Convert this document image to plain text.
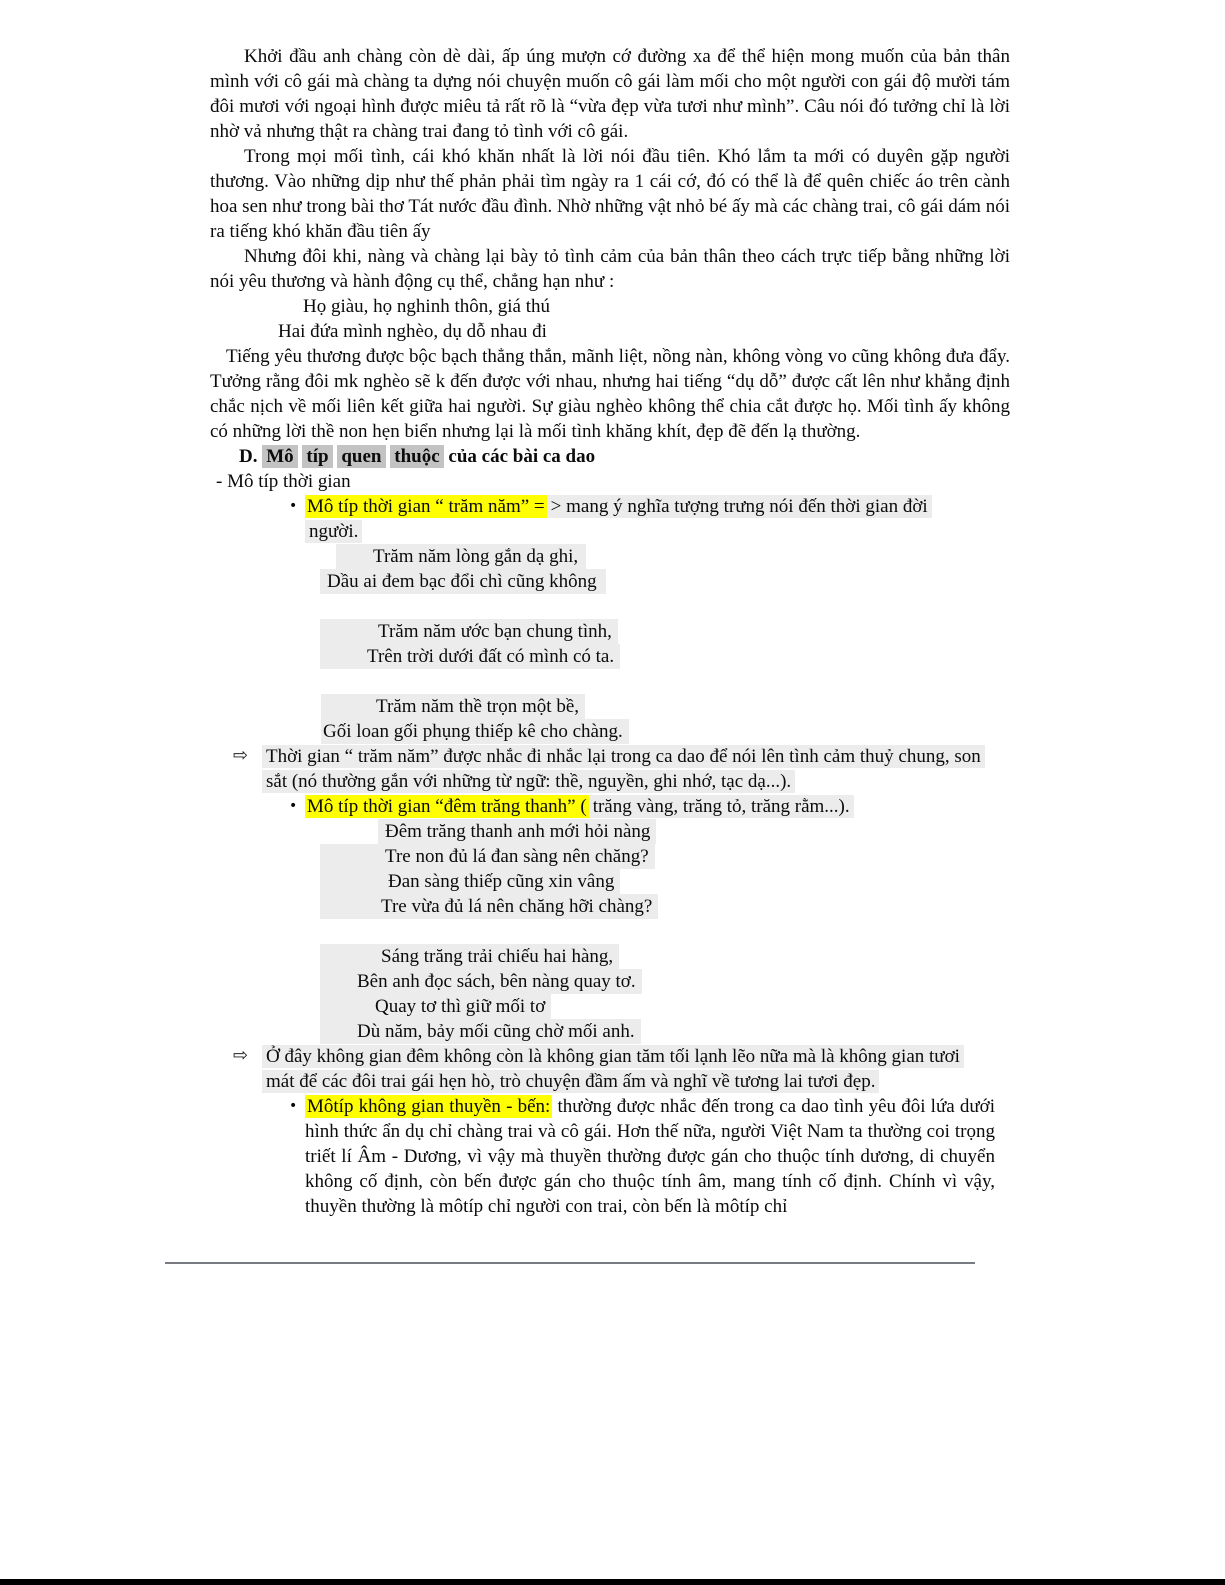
Khởi đầu anh chàng còn dè dài, ấp úng mượn cớ đường xa để thể hiện mong muốn của bản thân mình với cô gái mà chàng ta dựng nói chuyện muốn cô gái làm mối cho một người con gái độ mười tám đôi mươi với ngoại hình được miêu tả rất rõ là “vừa đẹp vừa tươi như mình”. Câu nói đó tưởng chỉ là lời nhờ vả nhưng thật ra chàng trai đang tỏ tình với cô gái.

Trong mọi mối tình, cái khó khăn nhất là lời nói đầu tiên. Khó lắm ta mới có duyên gặp người thương. Vào những dịp như thế phản phải tìm ngày ra 1 cái cớ, đó có thể là để quên chiếc áo trên cành hoa sen như trong bài thơ Tát nước đầu đình. Nhờ những vật nhỏ bé ấy mà các chàng trai, cô gái dám nói ra tiếng khó khăn đầu tiên ấy

Nhưng đôi khi, nàng và chàng lại bày tỏ tình cảm của bản thân theo cách trực tiếp bằng những lời nói yêu thương và hành động cụ thể, chẳng hạn như :

Họ giàu, họ nghinh thôn, giá thú
Hai đứa mình nghèo, dụ dỗ nhau đi

Tiếng yêu thương được bộc bạch thẳng thắn, mãnh liệt, nồng nàn, không vòng vo cũng không đưa đẩy. Tưởng rằng đôi mk nghèo sẽ k đến được với nhau, nhưng hai tiếng “dụ dỗ” được cất lên như khẳng định chắc nịch về mối liên kết giữa hai người. Sự giàu nghèo không thể chia cắt được họ. Mối tình ấy không có những lời thề non hẹn biển nhưng lại là mối tình khăng khít, đẹp đẽ đến lạ thường.

D. Mô típ quen thuộc của các bài ca dao
- Mô típ thời gian
• Mô típ thời gian “ trăm năm” = > mang ý nghĩa tượng trưng nói đến thời gian đời
người.
Trăm năm lòng gắn dạ ghi,
Dầu ai đem bạc đổi chì cũng không
Trăm năm ước bạn chung tình,
Trên trời dưới đất có mình có ta.
Trăm năm thề trọn một bề,
Gối loan gối phụng thiếp kê cho chàng.
⇨ Thời gian “ trăm năm” được nhắc đi nhắc lại trong ca dao để nói lên tình cảm thuỷ chung, son
sắt (nó thường gắn với những từ ngữ: thề, nguyền, ghi nhớ, tạc dạ...).
• Mô típ thời gian “đêm trăng thanh” ( trăng vàng, trăng tỏ, trăng rằm...).
Đêm trăng thanh anh mới hỏi nàng
Tre non đủ lá đan sàng nên chăng?
Đan sàng thiếp cũng xin vâng
Tre vừa đủ lá nên chăng hỡi chàng?
Sáng trăng trải chiếu hai hàng,
Bên anh đọc sách, bên nàng quay tơ.
Quay tơ thì giữ mối tơ
Dù năm, bảy mối cũng chờ mối anh.
⇨ Ở đây không gian đêm không còn là không gian tăm tối lạnh lẽo nữa mà là không gian tươi
mát để các đôi trai gái hẹn hò, trò chuyện đầm ấm và nghĩ về tương lai tươi đẹp.
• Môtíp không gian thuyền - bến: thường được nhắc đến trong ca dao tình yêu đôi lứa dưới hình thức ẩn dụ chỉ chàng trai và cô gái. Hơn thế nữa, người Việt Nam ta thường coi trọng triết lí Âm - Dương, vì vậy mà thuyền thường được gán cho thuộc tính dương, di chuyển không cố định, còn bến được gán cho thuộc tính âm, mang tính cố định. Chính vì vậy, thuyền thường là môtíp chỉ người con trai, còn bến là môtíp chỉ
